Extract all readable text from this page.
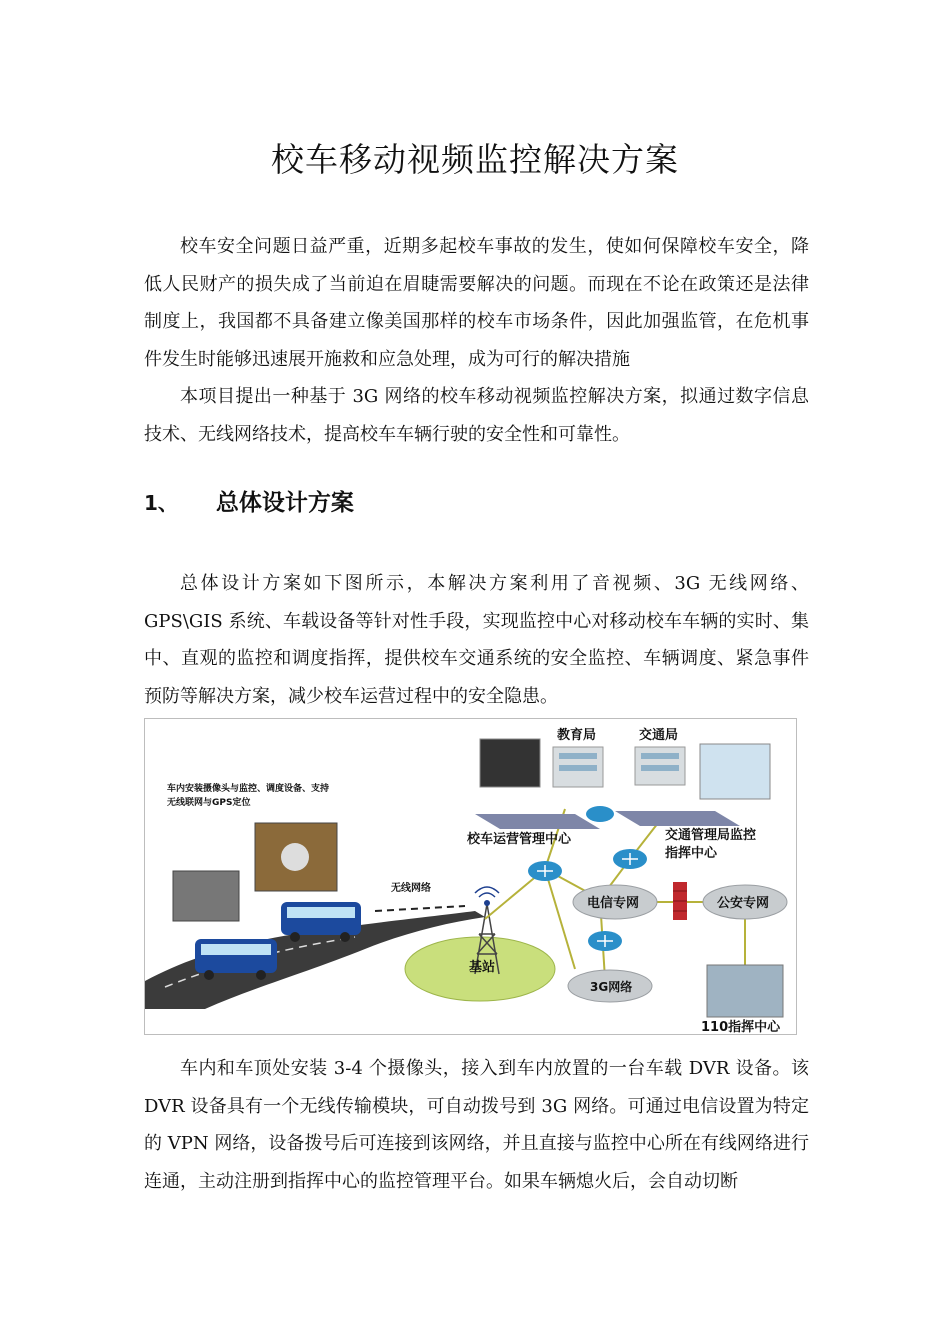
校车移动视频监控解决方案

校车安全问题日益严重，近期多起校车事故的发生，使如何保障校车安全，降低人民财产的损失成了当前迫在眉睫需要解决的问题。而现在不论在政策还是法律制度上，我国都不具备建立像美国那样的校车市场条件，因此加强监管，在危机事件发生时能够迅速展开施救和应急处理，成为可行的解决措施

本项目提出一种基于 3G 网络的校车移动视频监控解决方案，拟通过数字信息技术、无线网络技术，提高校车车辆行驶的安全性和可靠性。

1、 总体设计方案

总体设计方案如下图所示，本解决方案利用了音视频、3G 无线网络、GPS\GIS 系统、车载设备等针对性手段，实现监控中心对移动校车车辆的实时、集中、直观的监控和调度指挥，提供校车交通系统的安全监控、车辆调度、紧急事件预防等解决方案，减少校车运营过程中的安全隐患。

车内安装摄像头与监控、调度设备、支持
无线联网与GPS定位
无线网络
基站
教育局	交通局
校车运营管理中心	交通管理局监控
指挥中心
电信专网	公安专网
3G网络
110指挥中心

车内和车顶处安装 3-4 个摄像头，接入到车内放置的一台车载 DVR 设备。该 DVR 设备具有一个无线传输模块，可自动拨号到 3G 网络。可通过电信设置为特定的 VPN 网络，设备拨号后可连接到该网络，并且直接与监控中心所在有线网络进行连通，主动注册到指挥中心的监控管理平台。如果车辆熄火后，会自动切断
